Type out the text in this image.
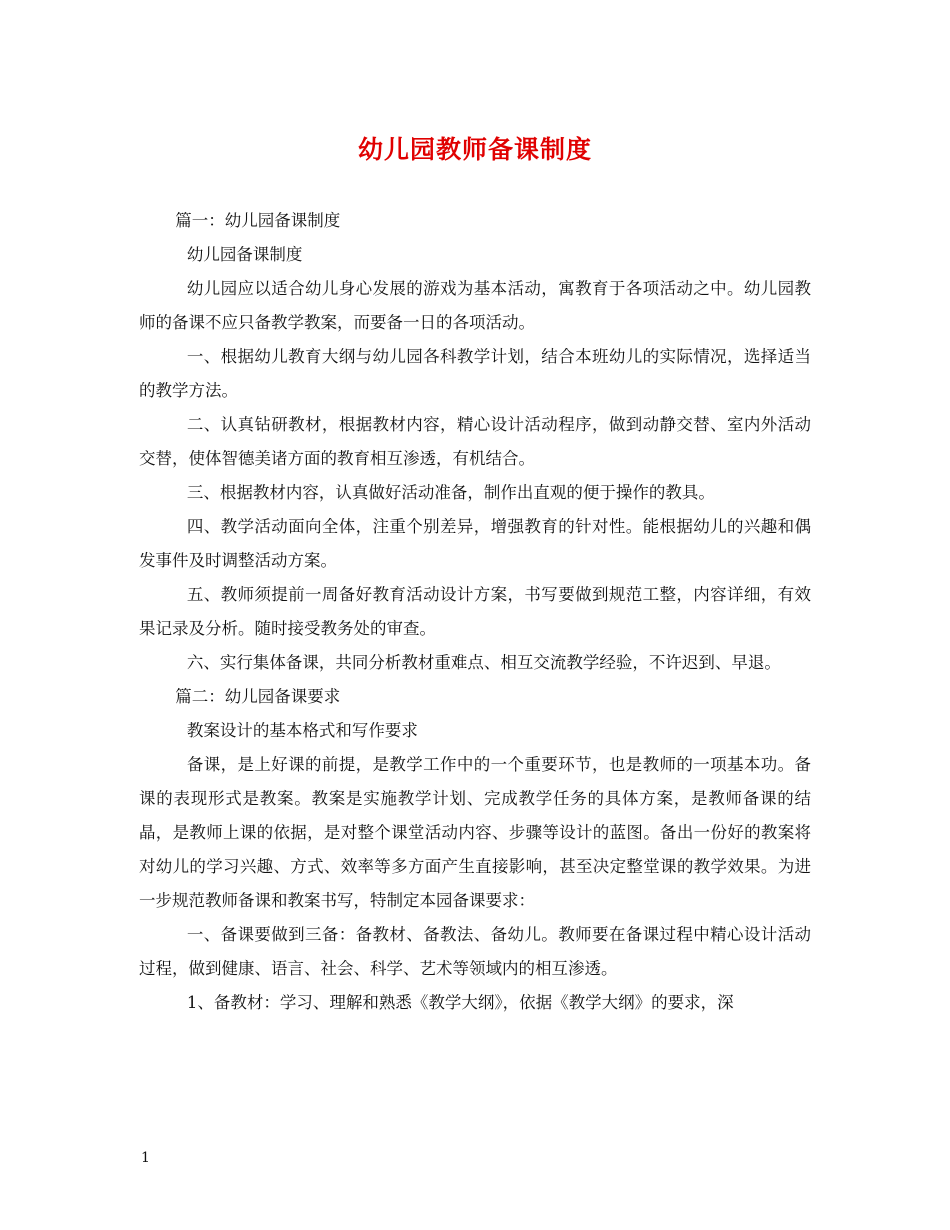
幼儿园教师备课制度

篇一：幼儿园备课制度

幼儿园备课制度

幼儿园应以适合幼儿身心发展的游戏为基本活动，寓教育于各项活动之中。幼儿园教师的备课不应只备教学教案，而要备一日的各项活动。

一、根据幼儿教育大纲与幼儿园各科教学计划，结合本班幼儿的实际情况，选择适当的教学方法。

二、认真钻研教材，根据教材内容，精心设计活动程序，做到动静交替、室内外活动交替，使体智德美诸方面的教育相互渗透，有机结合。

三、根据教材内容，认真做好活动准备，制作出直观的便于操作的教具。

四、教学活动面向全体，注重个别差异，增强教育的针对性。能根据幼儿的兴趣和偶发事件及时调整活动方案。

五、教师须提前一周备好教育活动设计方案，书写要做到规范工整，内容详细，有效果记录及分析。随时接受教务处的审查。

六、实行集体备课，共同分析教材重难点、相互交流教学经验，不许迟到、早退。

篇二：幼儿园备课要求

教案设计的基本格式和写作要求

备课，是上好课的前提，是教学工作中的一个重要环节，也是教师的一项基本功。备课的表现形式是教案。教案是实施教学计划、完成教学任务的具体方案，是教师备课的结晶，是教师上课的依据，是对整个课堂活动内容、步骤等设计的蓝图。备出一份好的教案将对幼儿的学习兴趣、方式、效率等多方面产生直接影响，甚至决定整堂课的教学效果。为进一步规范教师备课和教案书写，特制定本园备课要求：

一、备课要做到三备：备教材、备教法、备幼儿。教师要在备课过程中精心设计活动过程，做到健康、语言、社会、科学、艺术等领域内的相互渗透。

1、备教材：学习、理解和熟悉《教学大纲》，依据《教学大纲》的要求，深

1
